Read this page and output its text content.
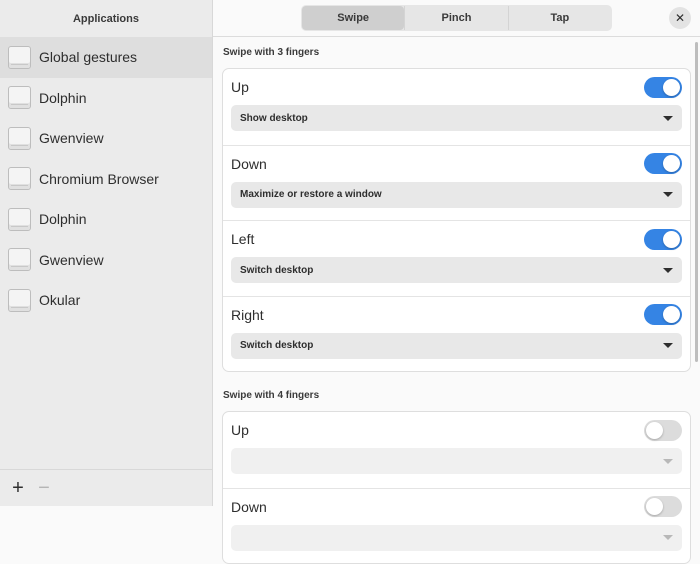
Applications
Global gestures
Dolphin
Gwenview
Chromium Browser
Dolphin
Gwenview
Okular
+ −
Swipe	Pinch	Tap	✕
Swipe with 3 fingers
Up
Show desktop
Down
Maximize or restore a window
Left
Switch desktop
Right
Switch desktop
Swipe with 4 fingers
Up
Down
